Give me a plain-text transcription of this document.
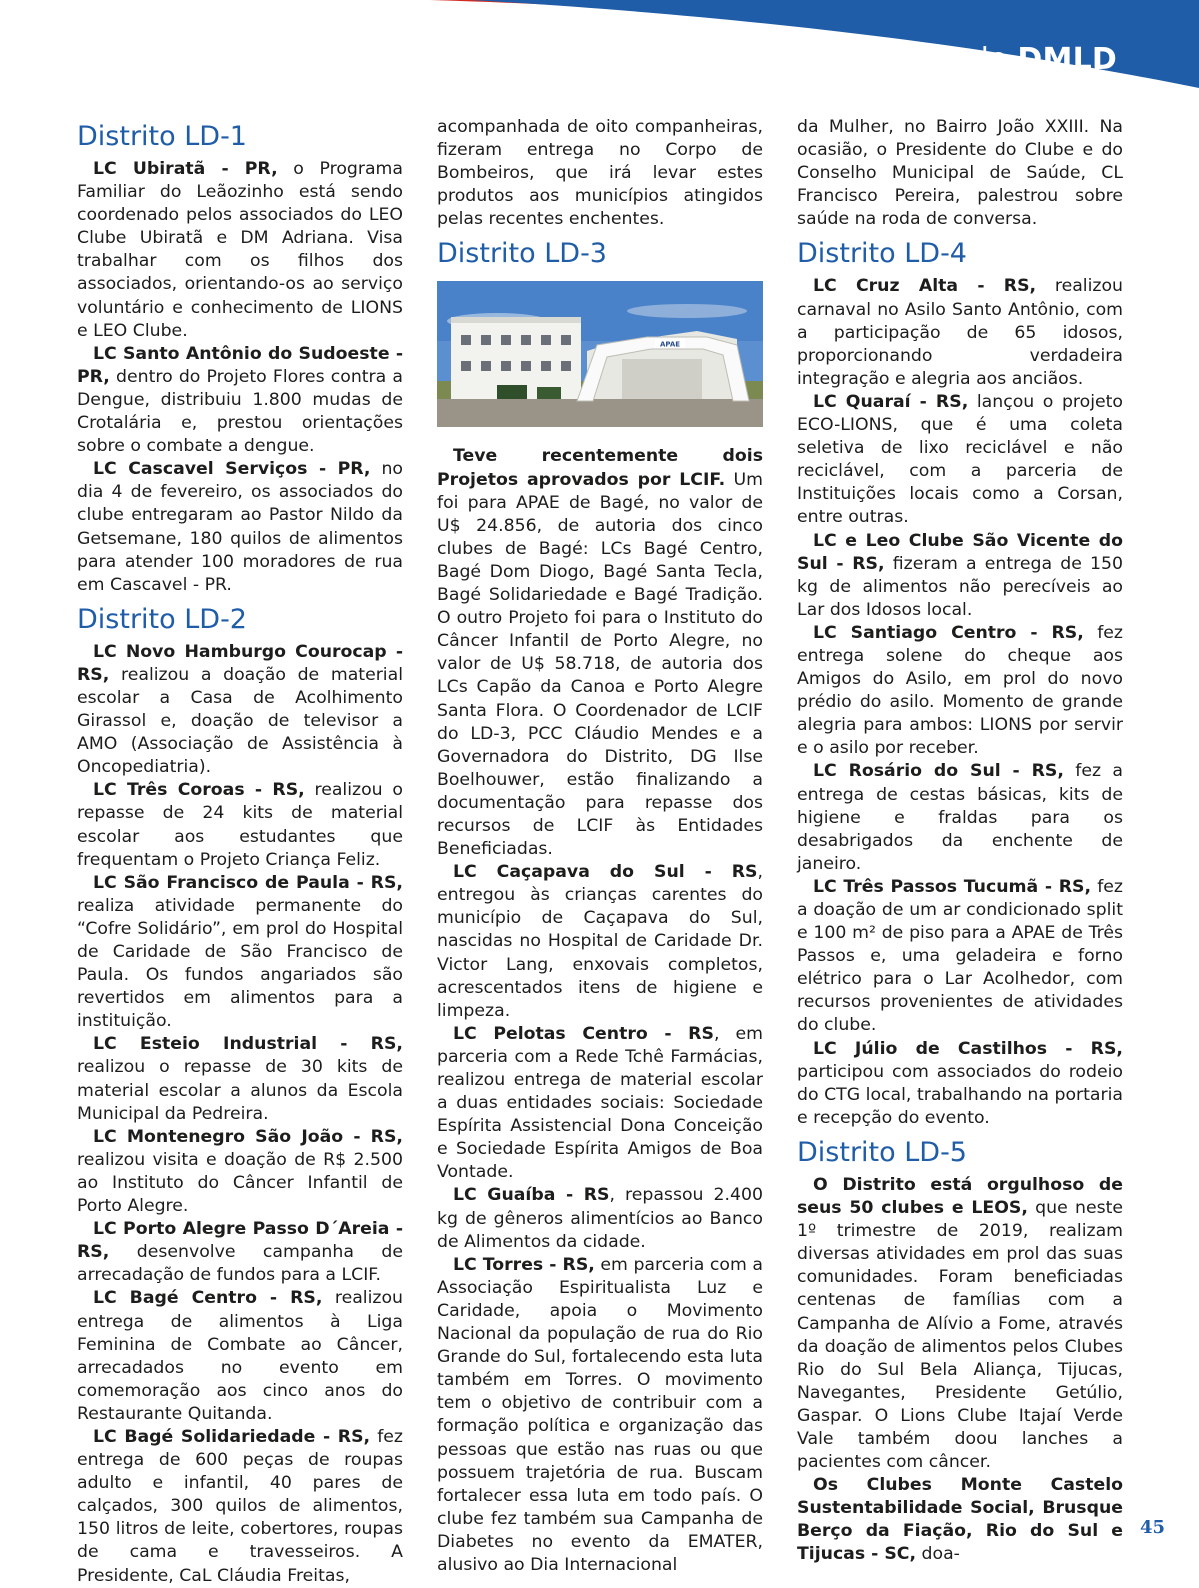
O que vai pelo DMLD
Distrito LD-1

LC Ubiratã - PR, o Programa Familiar do Leãozinho está sendo coordenado pelos associados do LEO Clube Ubiratã e DM Adriana. Visa trabalhar com os filhos dos associados, orientando-os ao serviço voluntário e conhecimento de LIONS e LEO Clube.

LC Santo Antônio do Sudoeste - PR, dentro do Projeto Flores contra a Dengue, distribuiu 1.800 mudas de Crotalária e, prestou orientações sobre o combate a dengue.

LC Cascavel Serviços - PR, no dia 4 de fevereiro, os associados do clube entregaram ao Pastor Nildo da Getsemane, 180 quilos de alimentos para atender 100 moradores de rua em Cascavel - PR.

Distrito LD-2

LC Novo Hamburgo Courocap - RS, realizou a doação de material escolar a Casa de Acolhimento Girassol e, doação de televisor a AMO (Associação de Assistência à Oncopediatria).

LC Três Coroas - RS, realizou o repasse de 24 kits de material escolar aos estudantes que frequentam o Projeto Criança Feliz.

LC São Francisco de Paula - RS, realiza atividade permanente do “Cofre Solidário”, em prol do Hospital de Caridade de São Francisco de Paula. Os fundos angariados são revertidos em alimentos para a instituição.

LC Esteio Industrial - RS, realizou o repasse de 30 kits de material escolar a alunos da Escola Municipal da Pedreira.

LC Montenegro São João - RS, realizou visita e doação de R$ 2.500 ao Instituto do Câncer Infantil de Porto Alegre.

LC Porto Alegre Passo D´Areia - RS, desenvolve campanha de arrecadação de fundos para a LCIF.

LC Bagé Centro - RS, realizou entrega de alimentos à Liga Feminina de Combate ao Câncer, arrecadados no evento em comemoração aos cinco anos do Restaurante Quitanda.

LC Bagé Solidariedade - RS, fez entrega de 600 peças de roupas adulto e infantil, 40 pares de calçados, 300 quilos de alimentos, 150 litros de leite, cobertores, roupas de cama e travesseiros. A Presidente, CaL Cláudia Freitas,

acompanhada de oito companheiras, fizeram entrega no Corpo de Bombeiros, que irá levar estes produtos aos municípios atingidos pelas recentes enchentes.

Distrito LD-3
APAE

Teve recentemente dois Projetos aprovados por LCIF. Um foi para APAE de Bagé, no valor de U$ 24.856, de autoria dos cinco clubes de Bagé: LCs Bagé Centro, Bagé Dom Diogo, Bagé Santa Tecla, Bagé Solidariedade e Bagé Tradição. O outro Projeto foi para o Instituto do Câncer Infantil de Porto Alegre, no valor de U$ 58.718, de autoria dos LCs Capão da Canoa e Porto Alegre Santa Flora. O Coordenador de LCIF do LD-3, PCC Cláudio Mendes e a Governadora do Distrito, DG Ilse Boelhouwer, estão finalizando a documentação para repasse dos recursos de LCIF às Entidades Beneficiadas.

LC Caçapava do Sul - RS, entregou às crianças carentes do município de Caçapava do Sul, nascidas no Hospital de Caridade Dr. Victor Lang, enxovais completos, acrescentados itens de higiene e limpeza.

LC Pelotas Centro - RS, em parceria com a Rede Tchê Farmácias, realizou entrega de material escolar a duas entidades sociais: Sociedade Espírita Assistencial Dona Conceição e Sociedade Espírita Amigos de Boa Vontade.

LC Guaíba - RS, repassou 2.400 kg de gêneros alimentícios ao Banco de Alimentos da cidade.

LC Torres - RS, em parceria com a Associação Espiritualista Luz e Caridade, apoia o Movimento Nacional da população de rua do Rio Grande do Sul, fortalecendo esta luta também em Torres. O movimento tem o objetivo de contribuir com a formação política e organização das pessoas que estão nas ruas ou que possuem trajetória de rua. Buscam fortalecer essa luta em todo país. O clube fez também sua Campanha de Diabetes no evento da EMATER, alusivo ao Dia Internacional

da Mulher, no Bairro João XXIII. Na ocasião, o Presidente do Clube e do Conselho Municipal de Saúde, CL Francisco Pereira, palestrou sobre saúde na roda de conversa.

Distrito LD-4

LC Cruz Alta - RS, realizou carnaval no Asilo Santo Antônio, com a participação de 65 idosos, proporcionando verdadeira integração e alegria aos anciãos.

LC Quaraí - RS, lançou o projeto ECO-LIONS, que é uma coleta seletiva de lixo reciclável e não reciclável, com a parceria de Instituições locais como a Corsan, entre outras.

LC e Leo Clube São Vicente do Sul - RS, fizeram a entrega de 150 kg de alimentos não perecíveis ao Lar dos Idosos local.

LC Santiago Centro - RS, fez entrega solene do cheque aos Amigos do Asilo, em prol do novo prédio do asilo. Momento de grande alegria para ambos: LIONS por servir e o asilo por receber.

LC Rosário do Sul - RS, fez a entrega de cestas básicas, kits de higiene e fraldas para os desabrigados da enchente de janeiro.

LC Três Passos Tucumã - RS, fez a doação de um ar condicionado split e 100 m² de piso para a APAE de Três Passos e, uma geladeira e forno elétrico para o Lar Acolhedor, com recursos provenientes de atividades do clube.

LC Júlio de Castilhos - RS, participou com associados do rodeio do CTG local, trabalhando na portaria e recepção do evento.

Distrito LD-5

O Distrito está orgulhoso de seus 50 clubes e LEOS, que neste 1º trimestre de 2019, realizam diversas atividades em prol das suas comunidades. Foram beneficiadas centenas de famílias com a Campanha de Alívio a Fome, através da doação de alimentos pelos Clubes Rio do Sul Bela Aliança, Tijucas, Navegantes, Presidente Getúlio, Gaspar. O Lions Clube Itajaí Verde Vale também doou lanches a pacientes com câncer.

Os Clubes Monte Castelo Sustentabilidade Social, Brusque Berço da Fiação, Rio do Sul e Tijucas - SC, doa-

45
